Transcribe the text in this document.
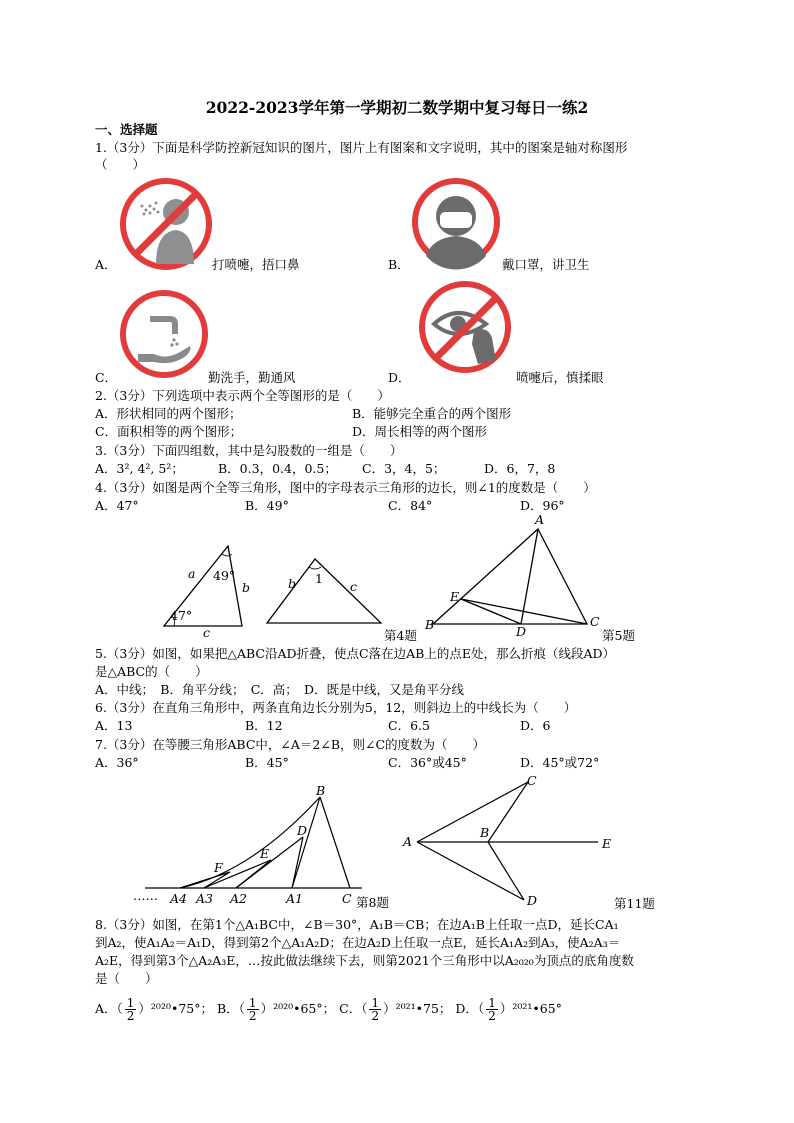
2022-2023学年第一学期初二数学期中复习每日一练2
一、选择题
1.（3分）下面是科学防控新冠知识的图片，图片上有图案和文字说明，其中的图案是轴对称图形
（　　）
A．	打喷嚏，捂口鼻	B．	戴口罩，讲卫生
C．	勤洗手，勤通风	D．	喷嚏后，慎揉眼
2.（3分）下列选项中表示两个全等图形的是（　　）
A．形状相同的两个图形；	B．能够完全重合的两个图形
C．面积相等的两个图形；	D．周长相等的两个图形
3.（3分）下面四组数，其中是勾股数的一组是（　　）
A．3², 4², 5²；	B．0.3，0.4，0.5； C．3，4，5；	D．6，7，8
4.（3分）如图是两个全等三角形，图中的字母表示三角形的边长，则∠1的度数是（　　）
A．47°	B．49°	C．84°	D．96°
a 49°
b
47°
c
b 1
c
第4题
A
E
B	D
C
第5题
5.（3分）如图，如果把△ABC沿AD折叠，使点C落在边AB上的点E处，那么折痕（线段AD）
是△ABC的（　　）
A．中线；　B．角平分线；　C．高；　D．既是中线，又是角平分线
6.（3分）在直角三角形中，两条直角边长分别为5，12，则斜边上的中线长为（　　）
A．13	B．12	C．6.5	D．6
7.（3分）在等腰三角形ABC中，∠A＝2∠B，则∠C的度数为（　　）
A．36°	B．45°	C．36°或45°	D．45°或72°
B
D
E
F
…… A4 A3 A2	A1	C 第8题
C
B
A	E
D	第11题
8.（3分）如图，在第1个△A₁BC中，∠B＝30°，A₁B＝CB；在边A₁B上任取一点D，延长CA₁
到A₂，使A₁A₂＝A₁D，得到第2个△A₁A₂D；在边A₂D上任取一点E，延长A₁A₂到A₃，使A₂A₃＝
A₂E，得到第3个△A₂A₃E，…按此做法继续下去，则第2021个三角形中以A₂₀₂₀为顶点的底角度数
是（　　）
A．（ $\frac{1}{2}$ ）²⁰²⁰•75°； B．（ $\frac{1}{2}$ ）²⁰²⁰•65°； C．（ $\frac{1}{2}$ ）²⁰²¹•75； D．（ $\frac{1}{2}$ ）²⁰²¹•65°
